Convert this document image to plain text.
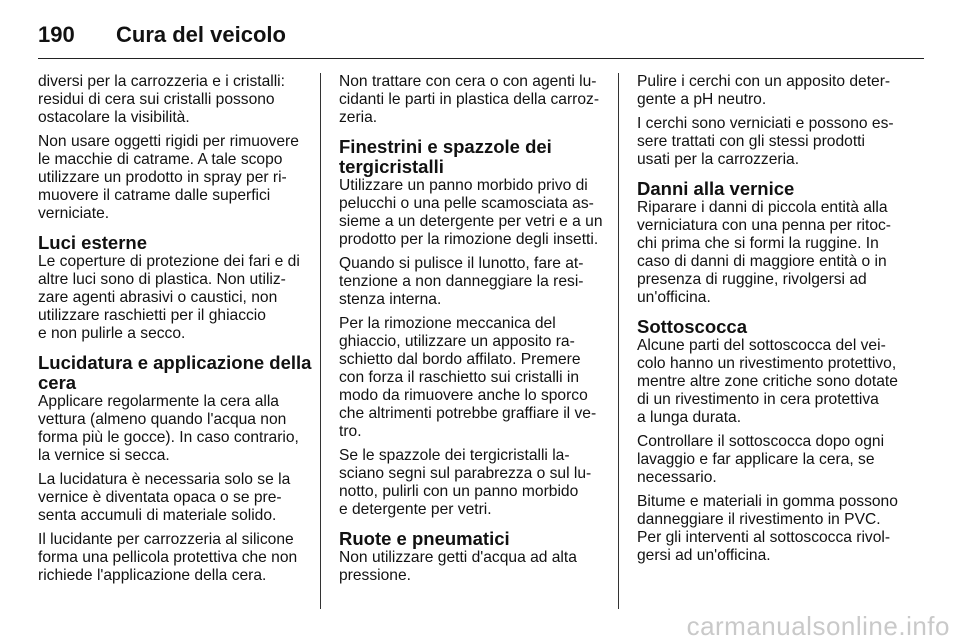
190	Cura del veicolo

diversi per la carrozzeria e i cristalli:
residui di cera sui cristalli possono
ostacolare la visibilità.

Non usare oggetti rigidi per rimuovere
le macchie di catrame. A tale scopo
utilizzare un prodotto in spray per ri-
muovere il catrame dalle superfici
verniciate.

Luci esterne

Le coperture di protezione dei fari e di
altre luci sono di plastica. Non utiliz-
zare agenti abrasivi o caustici, non
utilizzare raschietti per il ghiaccio
e non pulirle a secco.

Lucidatura e applicazione della
cera

Applicare regolarmente la cera alla
vettura (almeno quando l'acqua non
forma più le gocce). In caso contrario,
la vernice si secca.

La lucidatura è necessaria solo se la
vernice è diventata opaca o se pre-
senta accumuli di materiale solido.

Il lucidante per carrozzeria al silicone
forma una pellicola protettiva che non
richiede l'applicazione della cera.

Non trattare con cera o con agenti lu-
cidanti le parti in plastica della carroz-
zeria.

Finestrini e spazzole dei
tergicristalli

Utilizzare un panno morbido privo di
pelucchi o una pelle scamosciata as-
sieme a un detergente per vetri e a un
prodotto per la rimozione degli insetti.

Quando si pulisce il lunotto, fare at-
tenzione a non danneggiare la resi-
stenza interna.

Per la rimozione meccanica del
ghiaccio, utilizzare un apposito ra-
schietto dal bordo affilato. Premere
con forza il raschietto sui cristalli in
modo da rimuovere anche lo sporco
che altrimenti potrebbe graffiare il ve-
tro.

Se le spazzole dei tergicristalli la-
sciano segni sul parabrezza o sul lu-
notto, pulirli con un panno morbido
e detergente per vetri.

Ruote e pneumatici

Non utilizzare getti d'acqua ad alta
pressione.

Pulire i cerchi con un apposito deter-
gente a pH neutro.

I cerchi sono verniciati e possono es-
sere trattati con gli stessi prodotti
usati per la carrozzeria.

Danni alla vernice

Riparare i danni di piccola entità alla
verniciatura con una penna per ritoc-
chi prima che si formi la ruggine. In
caso di danni di maggiore entità o in
presenza di ruggine, rivolgersi ad
un'officina.

Sottoscocca

Alcune parti del sottoscocca del vei-
colo hanno un rivestimento protettivo,
mentre altre zone critiche sono dotate
di un rivestimento in cera protettiva
a lunga durata.

Controllare il sottoscocca dopo ogni
lavaggio e far applicare la cera, se
necessario.

Bitume e materiali in gomma possono
danneggiare il rivestimento in PVC.
Per gli interventi al sottoscocca rivol-
gersi ad un'officina.

carmanualsonline.info
